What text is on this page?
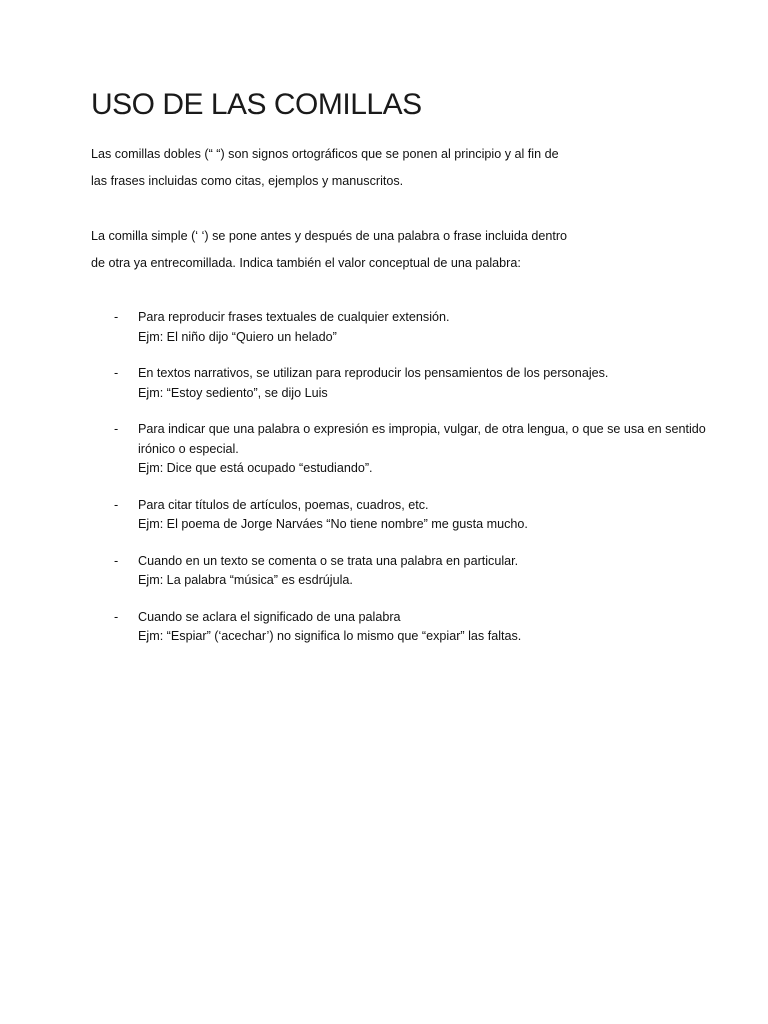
USO DE LAS COMILLAS

Las comillas dobles (“ “) son signos ortográficos que se ponen al principio y al fin de

las frases incluidas como citas, ejemplos y manuscritos.

La comilla simple (‘ ‘) se pone antes y después de una palabra o frase incluida dentro

de otra ya entrecomillada. Indica también el valor conceptual de una palabra:

- Para reproducir frases textuales de cualquier extensión.
Ejm: El niño dijo “Quiero un helado”
- En textos narrativos, se utilizan para reproducir los pensamientos de los personajes.
Ejm: “Estoy sediento”, se dijo Luis
- Para indicar que una palabra o expresión es impropia, vulgar, de otra lengua, o que se usa en sentido irónico o especial.
Ejm: Dice que está ocupado “estudiando”.
- Para citar títulos de artículos, poemas, cuadros, etc.
Ejm: El poema de Jorge Narváes “No tiene nombre” me gusta mucho.
- Cuando en un texto se comenta o se trata una palabra en particular.
Ejm: La palabra “música” es esdrújula.
- Cuando se aclara el significado de una palabra
Ejm: “Espiar” (‘acechar’) no significa lo mismo que “expiar” las faltas.
